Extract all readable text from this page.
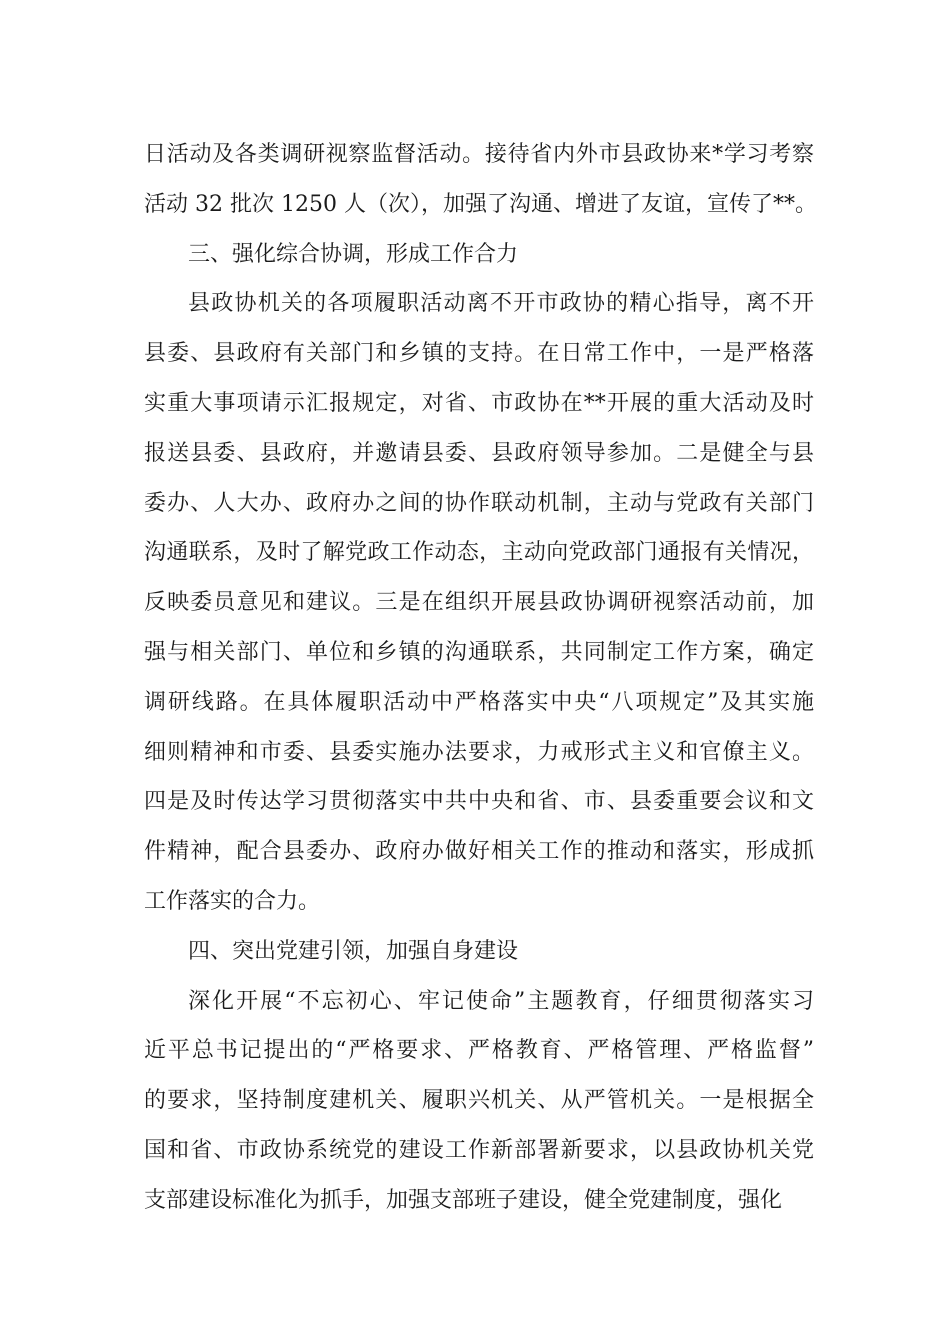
日活动及各类调研视察监督活动。接待省内外市县政协来*学习考察
活动 32 批次 1250 人（次），加强了沟通、增进了友谊，宣传了**。
三、强化综合协调，形成工作合力
县政协机关的各项履职活动离不开市政协的精心指导，离不开
县委、县政府有关部门和乡镇的支持。在日常工作中，一是严格落
实重大事项请示汇报规定，对省、市政协在**开展的重大活动及时
报送县委、县政府，并邀请县委、县政府领导参加。二是健全与县
委办、人大办、政府办之间的协作联动机制，主动与党政有关部门
沟通联系，及时了解党政工作动态，主动向党政部门通报有关情况，
反映委员意见和建议。三是在组织开展县政协调研视察活动前，加
强与相关部门、单位和乡镇的沟通联系，共同制定工作方案，确定
调研线路。在具体履职活动中严格落实中央“八项规定”及其实施
细则精神和市委、县委实施办法要求，力戒形式主义和官僚主义。
四是及时传达学习贯彻落实中共中央和省、市、县委重要会议和文
件精神，配合县委办、政府办做好相关工作的推动和落实，形成抓
工作落实的合力。
四、突出党建引领，加强自身建设
深化开展“不忘初心、牢记使命”主题教育，仔细贯彻落实习
近平总书记提出的“严格要求、严格教育、严格管理、严格监督”
的要求，坚持制度建机关、履职兴机关、从严管机关。一是根据全
国和省、市政协系统党的建设工作新部署新要求，以县政协机关党
支部建设标准化为抓手，加强支部班子建设，健全党建制度，强化
